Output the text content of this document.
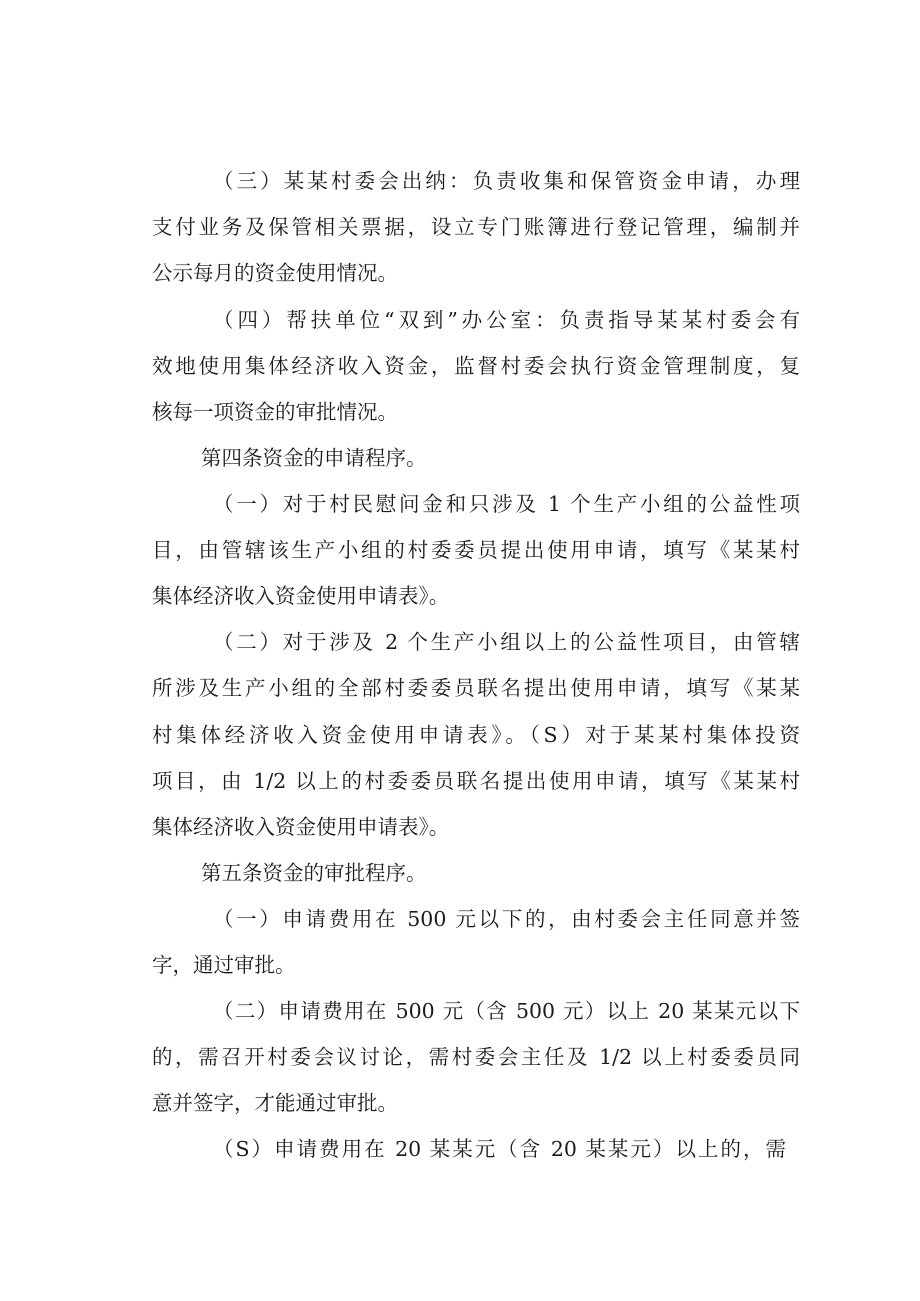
（三）某某村委会出纳：负责收集和保管资金申请，办理
支付业务及保管相关票据，设立专门账簿进行登记管理，编制并
公示每月的资金使用情况。
（四）帮扶单位“双到”办公室：负责指导某某村委会有
效地使用集体经济收入资金，监督村委会执行资金管理制度，复
核每一项资金的审批情况。
第四条资金的申请程序。
（一）对于村民慰问金和只涉及 1 个生产小组的公益性项
目，由管辖该生产小组的村委委员提出使用申请，填写《某某村
集体经济收入资金使用申请表》。
（二）对于涉及 2 个生产小组以上的公益性项目，由管辖
所涉及生产小组的全部村委委员联名提出使用申请，填写《某某
村集体经济收入资金使用申请表》。（S）对于某某村集体投资
项目，由 1/2 以上的村委委员联名提出使用申请，填写《某某村
集体经济收入资金使用申请表》。
第五条资金的审批程序。
（一）申请费用在 500 元以下的，由村委会主任同意并签
字，通过审批。
（二）申请费用在 500 元（含 500 元）以上 20 某某元以下
的，需召开村委会议讨论，需村委会主任及 1/2 以上村委委员同
意并签字，才能通过审批。
（S）申请费用在 20 某某元（含 20 某某元）以上的，需
